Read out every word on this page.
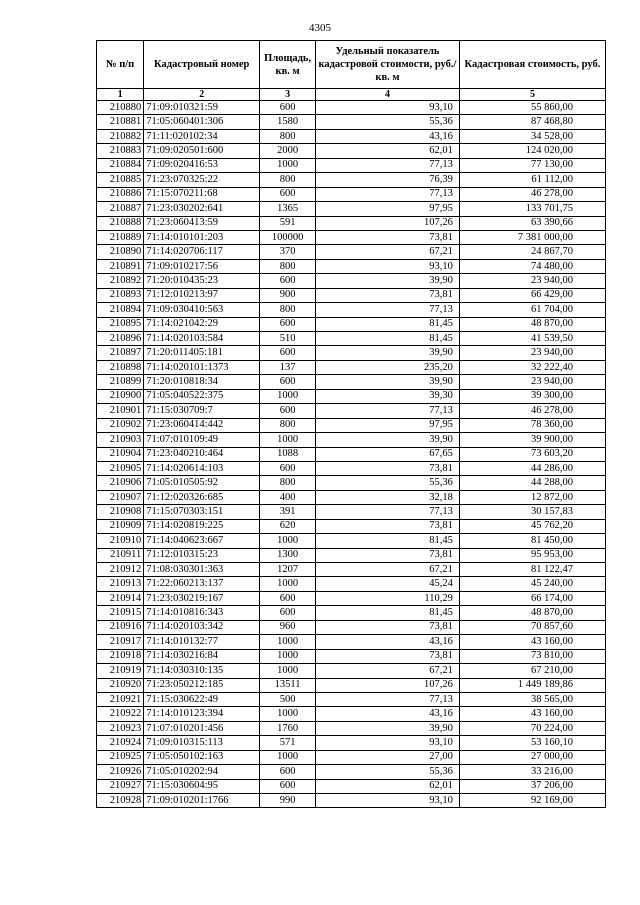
4305
№ п/п	Кадастровый номер	Площадь, кв. м	Удельный показатель кадастровой стоимости, руб./кв. м	Кадастровая стоимость, руб.
1	2	3	4	5
210880	71:09:010321:59	600	93,10	55 860,00
210881	71:05:060401:306	1580	55,36	87 468,80
210882	71:11:020102:34	800	43,16	34 528,00
210883	71:09:020501:600	2000	62,01	124 020,00
210884	71:09:020416:53	1000	77,13	77 130,00
210885	71:23:070325:22	800	76,39	61 112,00
210886	71:15:070211:68	600	77,13	46 278,00
210887	71:23:030202:641	1365	97,95	133 701,75
210888	71:23:060413:59	591	107,26	63 390,66
210889	71:14:010101:203	100000	73,81	7 381 000,00
210890	71:14:020706:117	370	67,21	24 867,70
210891	71:09:010217:56	800	93,10	74 480,00
210892	71:20:010435:23	600	39,90	23 940,00
210893	71:12:010213:97	900	73,81	66 429,00
210894	71:09:030410:563	800	77,13	61 704,00
210895	71:14:021042:29	600	81,45	48 870,00
210896	71:14:020103:584	510	81,45	41 539,50
210897	71:20:011405:181	600	39,90	23 940,00
210898	71:14:020101:1373	137	235,20	32 222,40
210899	71:20:010818:34	600	39,90	23 940,00
210900	71:05:040522:375	1000	39,30	39 300,00
210901	71:15:030709:7	600	77,13	46 278,00
210902	71:23:060414:442	800	97,95	78 360,00
210903	71:07:010109:49	1000	39,90	39 900,00
210904	71:23:040210:464	1088	67,65	73 603,20
210905	71:14:020614:103	600	73,81	44 286,00
210906	71:05:010505:92	800	55,36	44 288,00
210907	71:12:020326:685	400	32,18	12 872,00
210908	71:15:070303:151	391	77,13	30 157,83
210909	71:14:020819:225	620	73,81	45 762,20
210910	71:14:040623:667	1000	81,45	81 450,00
210911	71:12:010315:23	1300	73,81	95 953,00
210912	71:08:030301:363	1207	67,21	81 122,47
210913	71:22:060213:137	1000	45,24	45 240,00
210914	71:23:030219:167	600	110,29	66 174,00
210915	71:14:010816:343	600	81,45	48 870,00
210916	71:14:020103:342	960	73,81	70 857,60
210917	71:14:010132:77	1000	43,16	43 160,00
210918	71:14:030216:84	1000	73,81	73 810,00
210919	71:14:030310:135	1000	67,21	67 210,00
210920	71:23:050212:185	13511	107,26	1 449 189,86
210921	71:15:030622:49	500	77,13	38 565,00
210922	71:14:010123:394	1000	43,16	43 160,00
210923	71:07:010201:456	1760	39,90	70 224,00
210924	71:09:010315:113	571	93,10	53 160,10
210925	71:05:050102:163	1000	27,00	27 000,00
210926	71:05:010202:94	600	55,36	33 216,00
210927	71:15:030604:95	600	62,01	37 206,00
210928	71:09:010201:1766	990	93,10	92 169,00
